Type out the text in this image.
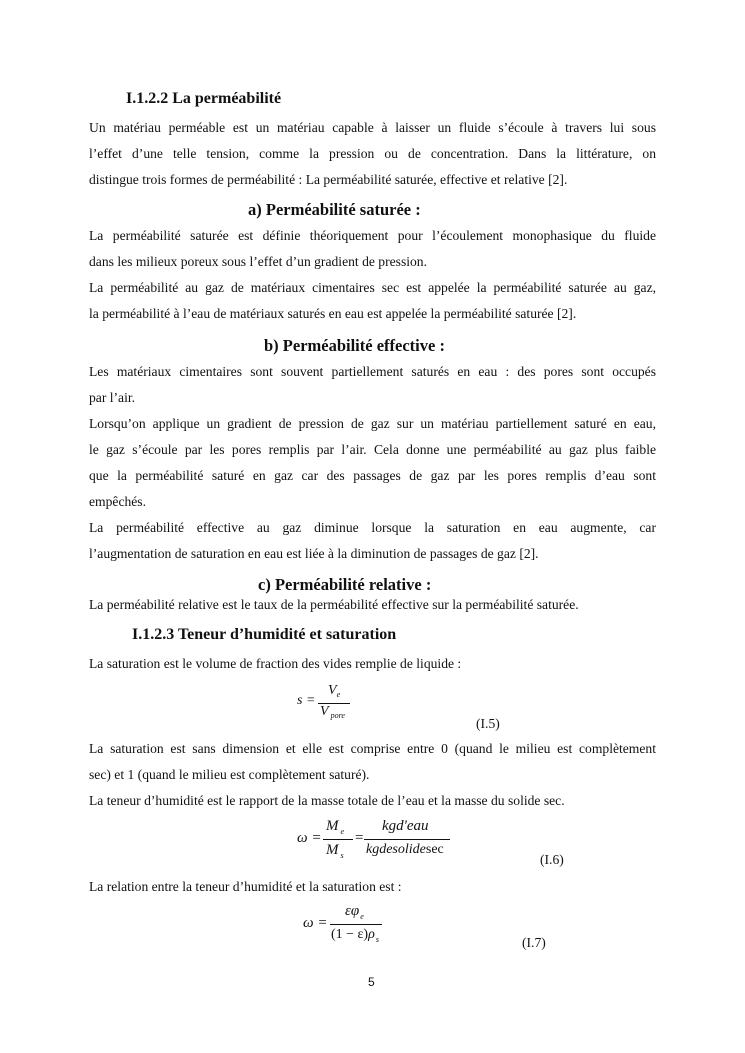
I.1.2.2 La perméabilité
Un matériau perméable est un matériau capable à laisser un fluide s’écoule à travers lui sous
l’effet d’une telle tension, comme la pression ou de concentration. Dans la littérature, on
distingue trois formes de perméabilité : La perméabilité saturée, effective et relative [2].
a) Perméabilité saturée :
La perméabilité saturée est définie théoriquement pour l’écoulement monophasique du fluide
dans les milieux poreux sous l’effet d’un gradient de pression.
La perméabilité au gaz de matériaux cimentaires sec est appelée la perméabilité saturée au gaz,
la perméabilité à l’eau de matériaux saturés en eau est appelée la perméabilité saturée [2].
b) Perméabilité effective :
Les matériaux cimentaires sont souvent partiellement saturés en eau : des pores sont occupés
par l’air.
Lorsqu’on applique un gradient de pression de gaz sur un matériau partiellement saturé en eau,
le gaz s’écoule par les pores remplis par l’air. Cela donne une perméabilité au gaz plus faible
que la perméabilité saturé en gaz car des passages de gaz par les pores remplis d’eau sont
empêchés.
La perméabilité effective au gaz diminue lorsque la saturation en eau augmente, car
l’augmentation de saturation en eau est liée à la diminution de passages de gaz [2].
c) Perméabilité relative :
La perméabilité relative est le taux de la perméabilité effective sur la perméabilité saturée.
I.1.2.3 Teneur d’humidité et saturation
La saturation est le volume de fraction des vides remplie de liquide :
s =
$V_e$
V $_{pore}$
(I.5)
La saturation est sans dimension et elle est comprise entre 0 (quand le milieu est complètement
sec) et 1 (quand le milieu est complètement saturé).
La teneur d’humidité est le rapport de la masse totale de l’eau et la masse du solide sec.
ω =
M $_e$
M $_s$
=
kgd'eau
kgdesolidesec
(I.6)
La relation entre la teneur d’humidité et la saturation est :
ω =
$\varepsilon\varphi_e$
$(1 - \varepsilon)\rho_s$	(I.7)
5
